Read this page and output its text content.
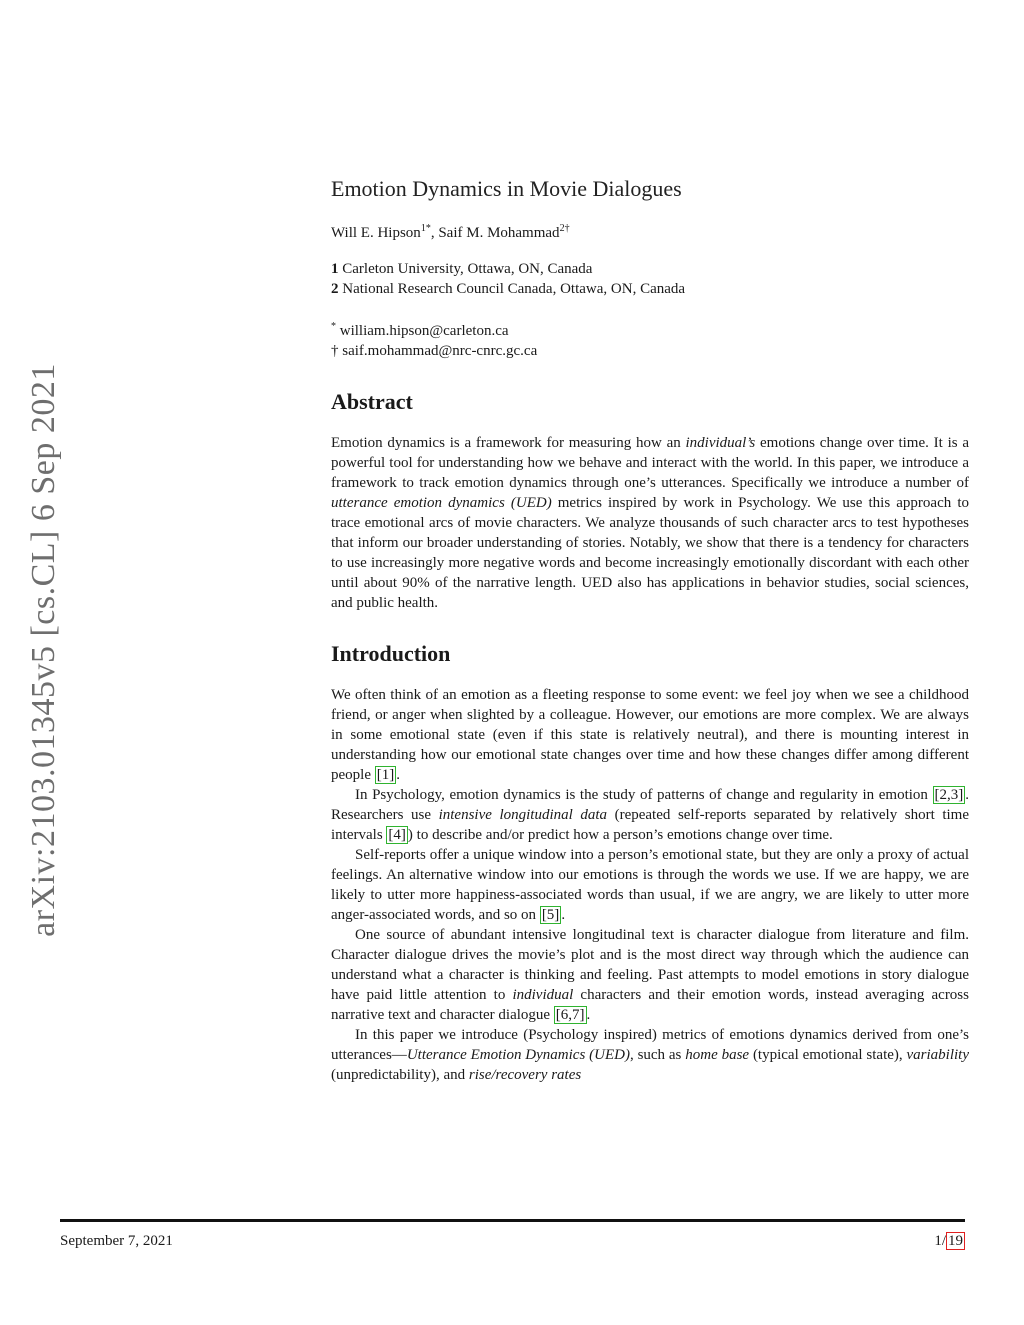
arXiv:2103.01345v5 [cs.CL] 6 Sep 2021
Emotion Dynamics in Movie Dialogues
Will E. Hipson$^{1*}$, Saif M. Mohammad$^{2\dagger}$
1 Carleton University, Ottawa, ON, Canada
2 National Research Council Canada, Ottawa, ON, Canada
* william.hipson@carleton.ca
† saif.mohammad@nrc-cnrc.gc.ca
Abstract

Emotion dynamics is a framework for measuring how an individual’s emotions change over time. It is a powerful tool for understanding how we behave and interact with the world. In this paper, we introduce a framework to track emotion dynamics through one’s utterances. Specifically we introduce a number of utterance emotion dynamics (UED) metrics inspired by work in Psychology. We use this approach to trace emotional arcs of movie characters. We analyze thousands of such character arcs to test hypotheses that inform our broader understanding of stories. Notably, we show that there is a tendency for characters to use increasingly more negative words and become increasingly emotionally discordant with each other until about 90% of the narrative length. UED also has applications in behavior studies, social sciences, and public health.

Introduction

We often think of an emotion as a fleeting response to some event: we feel joy when we see a childhood friend, or anger when slighted by a colleague. However, our emotions are more complex. We are always in some emotional state (even if this state is relatively neutral), and there is mounting interest in understanding how our emotional state changes over time and how these changes differ among different people [1] .

In Psychology, emotion dynamics is the study of patterns of change and regularity in emotion [2,3] . Researchers use intensive longitudinal data (repeated self-reports separated by relatively short time intervals [4] ) to describe and/or predict how a person’s emotions change over time.

Self-reports offer a unique window into a person’s emotional state, but they are only a proxy of actual feelings. An alternative window into our emotions is through the words we use. If we are happy, we are likely to utter more happiness-associated words than usual, if we are angry, we are likely to utter more anger-associated words, and so on [5] .

One source of abundant intensive longitudinal text is character dialogue from literature and film. Character dialogue drives the movie’s plot and is the most direct way through which the audience can understand what a character is thinking and feeling. Past attempts to model emotions in story dialogue have paid little attention to individual characters and their emotion words, instead averaging across narrative text and character dialogue [6,7] .

In this paper we introduce (Psychology inspired) metrics of emotions dynamics derived from one’s utterances—Utterance Emotion Dynamics (UED), such as home base (typical emotional state), variability (unpredictability), and rise/recovery rates

September 7, 2021	1/ 19
